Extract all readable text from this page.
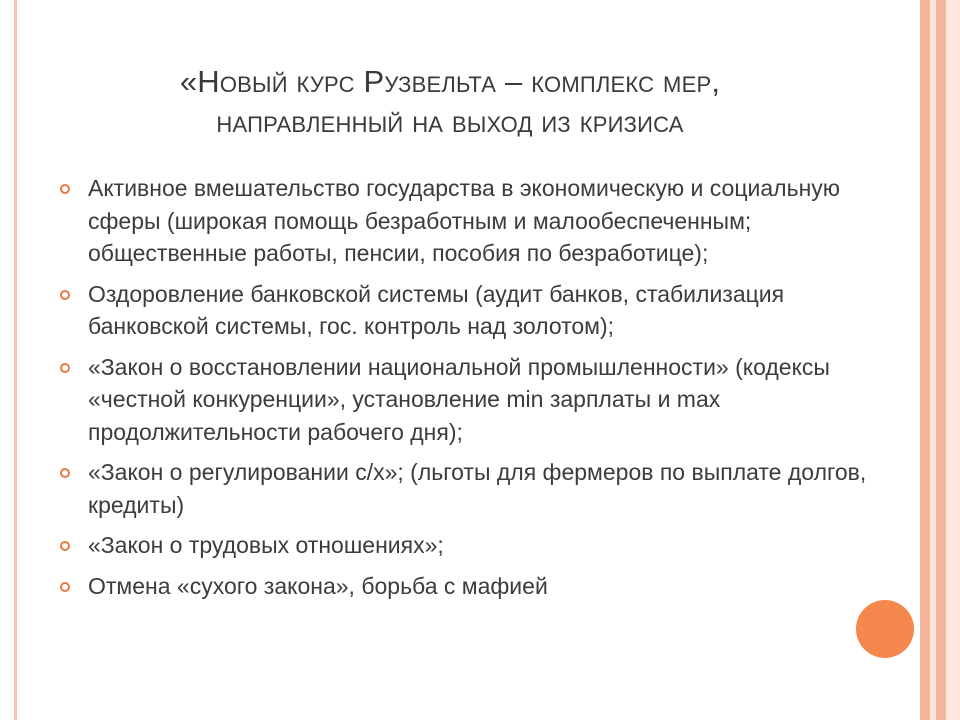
«Новый курс Рузвельта – комплекс мер,
направленный на выход из кризиса
Активное вмешательство государства в экономическую и социальную сферы (широкая помощь безработным и малообеспеченным; общественные работы, пенсии, пособия по безработице);
Оздоровление банковской системы (аудит банков, стабилизация банковской системы, гос. контроль над золотом);
«Закон о восстановлении национальной промышленности» (кодексы «честной конкуренции», установление min зарплаты и max продолжительности рабочего дня);
«Закон о регулировании с/х»; (льготы для фермеров по выплате долгов, кредиты)
«Закон о трудовых отношениях»;
Отмена «сухого закона», борьба с мафией
